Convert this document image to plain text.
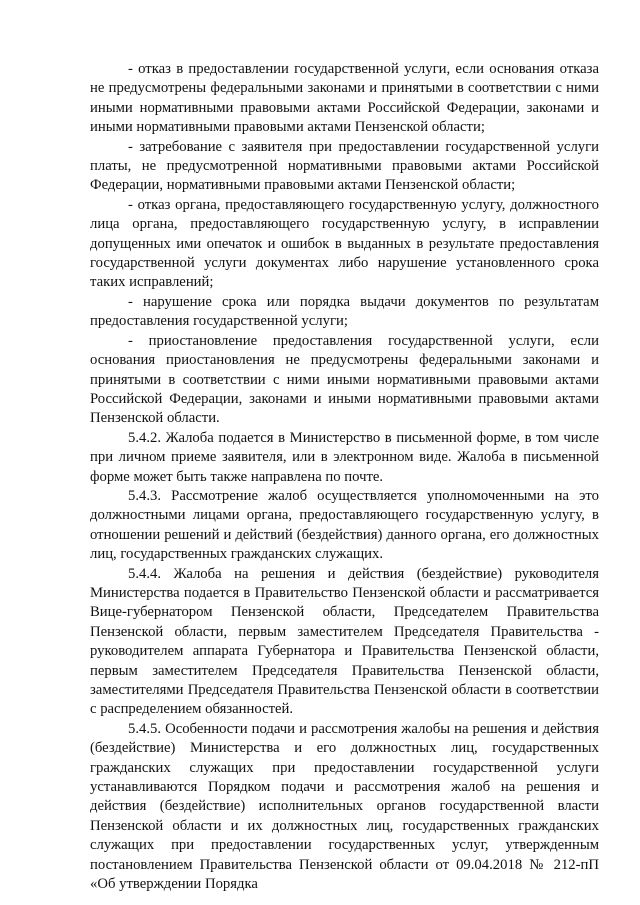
- отказ в предоставлении государственной услуги, если основания отказа не предусмотрены федеральными законами и принятыми в соответствии с ними иными нормативными правовыми актами Российской Федерации, законами и иными нормативными правовыми актами Пензенской области;

- затребование с заявителя при предоставлении государственной услуги платы, не предусмотренной нормативными правовыми актами Российской Федерации, нормативными правовыми актами Пензенской области;

- отказ органа, предоставляющего государственную услугу, должностного лица органа, предоставляющего государственную услугу, в исправлении допущенных ими опечаток и ошибок в выданных в результате предоставления государственной услуги документах либо нарушение установленного срока таких исправлений;

- нарушение срока или порядка выдачи документов по результатам предоставления государственной услуги;

- приостановление предоставления государственной услуги, если основания приостановления не предусмотрены федеральными законами и принятыми в соответствии с ними иными нормативными правовыми актами Российской Федерации, законами и иными нормативными правовыми актами Пензенской области.

5.4.2. Жалоба подается в Министерство в письменной форме, в том числе при личном приеме заявителя, или в электронном виде. Жалоба в письменной форме может быть также направлена по почте.

5.4.3. Рассмотрение жалоб осуществляется уполномоченными на это должностными лицами органа, предоставляющего государственную услугу, в отношении решений и действий (бездействия) данного органа, его должностных лиц, государственных гражданских служащих.

5.4.4. Жалоба на решения и действия (бездействие) руководителя Министерства подается в Правительство Пензенской области и рассматривается Вице-губернатором Пензенской области, Председателем Правительства Пензенской области, первым заместителем Председателя Правительства - руководителем аппарата Губернатора и Правительства Пензенской области, первым заместителем Председателя Правительства Пензенской области, заместителями Председателя Правительства Пензенской области в соответствии с распределением обязанностей.

5.4.5. Особенности подачи и рассмотрения жалобы на решения и действия (бездействие) Министерства и его должностных лиц, государственных гражданских служащих при предоставлении государственной услуги устанавливаются Порядком подачи и рассмотрения жалоб на решения и действия (бездействие) исполнительных органов государственной власти Пензенской области и их должностных лиц, государственных гражданских служащих при предоставлении государственных услуг, утвержденным постановлением Правительства Пензенской области от 09.04.2018 № 212-пП «Об утверждении Порядка
